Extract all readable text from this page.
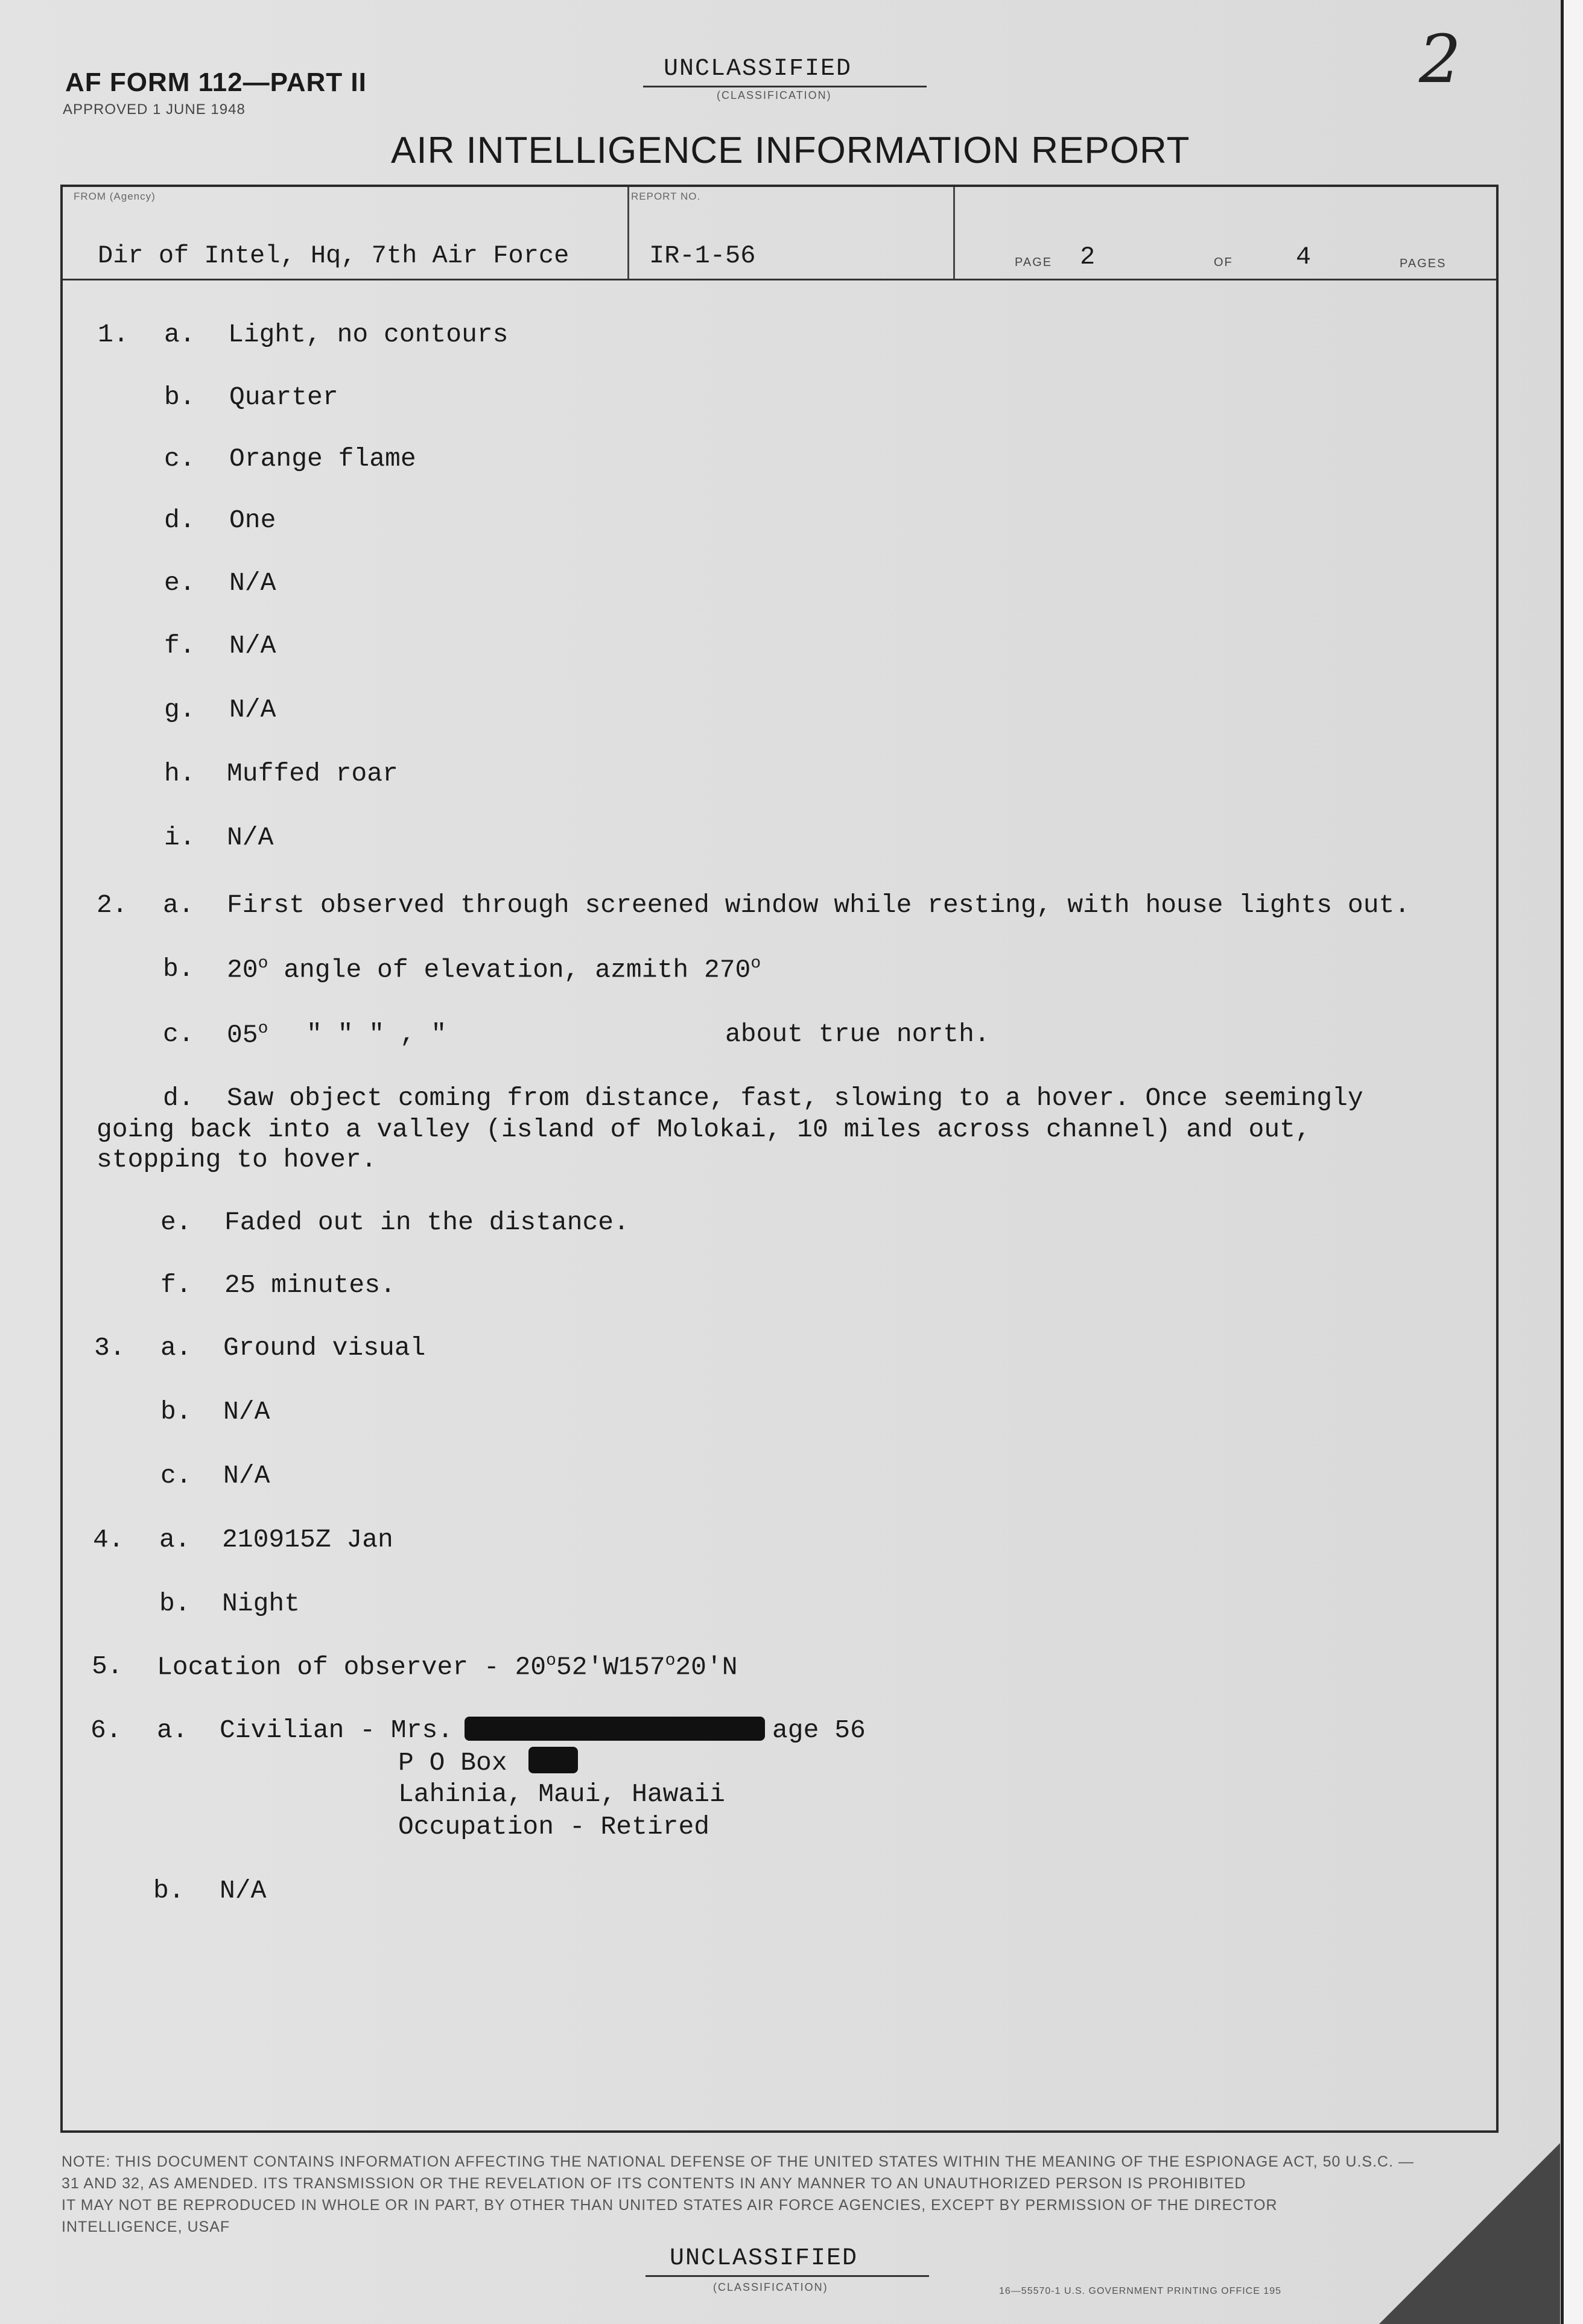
AF FORM 112—PART II
APPROVED 1 JUNE 1948
UNCLASSIFIED
(CLASSIFICATION)
AIR INTELLIGENCE INFORMATION REPORT
2
FROM (Agency)	REPORT NO.
Dir of Intel, Hq, 7th Air Force	IR-1-56	PAGE 2	OF 4	PAGES
1. a. Light, no contours
b. Quarter
c. Orange flame
d. One
e. N/A
f. N/A
g. N/A
h. Muffed roar
i. N/A
2. a. First observed through screened window while resting, with house lights out.
b. 20$^o$ angle of elevation, azmith 270$^o$
c. 05$^o$ " " " , "	about true north.
d. Saw object coming from distance, fast, slowing to a hover. Once seemingly
going back into a valley (island of Molokai, 10 miles across channel) and out,
stopping to hover.
e. Faded out in the distance.
f. 25 minutes.
3. a. Ground visual
b. N/A
c. N/A
4. a. 210915Z Jan
b. Night
5. Location of observer - 20$^o$52'W157$^o$20'N
6. a. Civilian - Mrs.	age 56
P O Box
Lahinia, Maui, Hawaii
Occupation - Retired
b. N/A
NOTE: THIS DOCUMENT CONTAINS INFORMATION AFFECTING THE NATIONAL DEFENSE OF THE UNITED STATES WITHIN THE MEANING OF THE ESPIONAGE ACT, 50 U.S.C. —
31 AND 32, AS AMENDED. ITS TRANSMISSION OR THE REVELATION OF ITS CONTENTS IN ANY MANNER TO AN UNAUTHORIZED PERSON IS PROHIBITED
IT MAY NOT BE REPRODUCED IN WHOLE OR IN PART, BY OTHER THAN UNITED STATES AIR FORCE AGENCIES, EXCEPT BY PERMISSION OF THE DIRECTOR
INTELLIGENCE, USAF
UNCLASSIFIED
(CLASSIFICATION)	16—55570-1 U.S. GOVERNMENT PRINTING OFFICE 195
